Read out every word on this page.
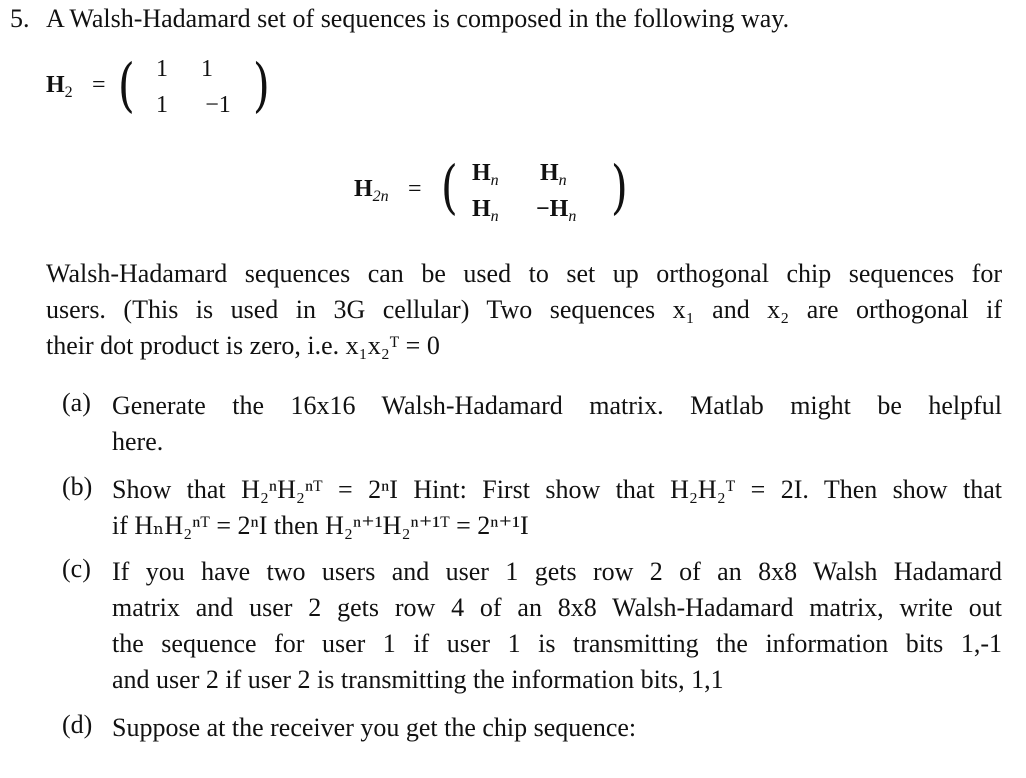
5. A Walsh-Hadamard set of sequences is composed in the following way.
$H_2$ = ( )
1	1
1	−1
$H_{2n}$ = (	)
$H_n$ $H_n$
$H_n -H_n$
Walsh-Hadamard sequences can be used to set up orthogonal chip sequences for
users. (This is used in 3G cellular) Two sequences x₁ and x₂ are orthogonal if
their dot product is zero, i.e. x₁x₂ᵀ = 0
(a) Generate the 16x16 Walsh-Hadamard matrix. Matlab might be helpful
here.
(b) Show that H₂ⁿH₂ⁿᵀ = 2ⁿI Hint: First show that H₂H₂ᵀ = 2I. Then show that
if HₙH₂ⁿᵀ = 2ⁿI then H₂ⁿ⁺¹H₂ⁿ⁺¹ᵀ = 2ⁿ⁺¹I
(c) If you have two users and user 1 gets row 2 of an 8x8 Walsh Hadamard
matrix and user 2 gets row 4 of an 8x8 Walsh-Hadamard matrix, write out
the sequence for user 1 if user 1 is transmitting the information bits 1,-1
and user 2 if user 2 is transmitting the information bits, 1,1
(d) Suppose at the receiver you get the chip sequence:
